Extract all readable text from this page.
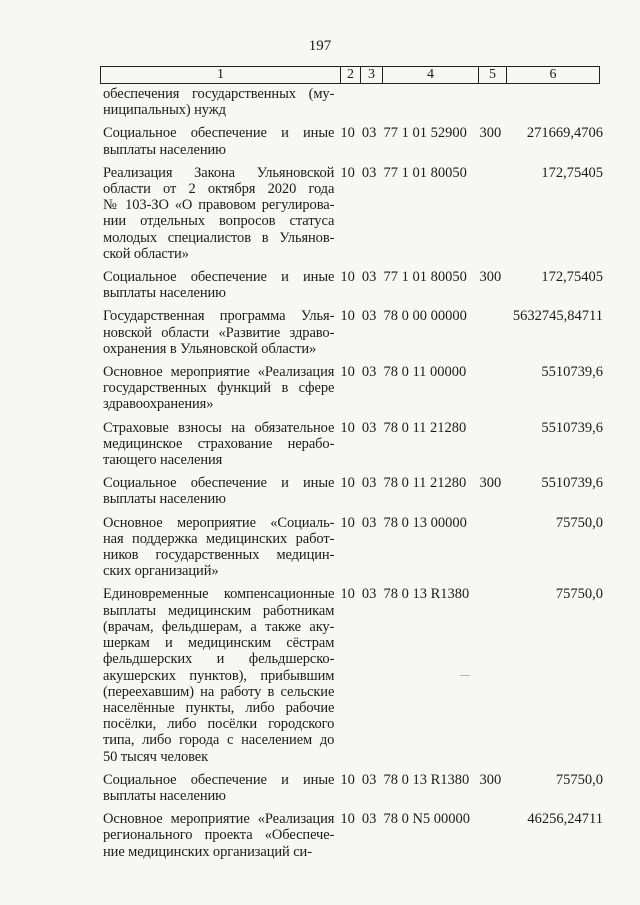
197
1	2	3	4	5	6
обеспечения государственных (му-
ниципальных) нужд
Социальное обеспечение и иные
выплаты населению
10 03 77 1 01 52900 300	271669,4706
Реализация Закона Ульяновской
области от 2 октября 2020 года
№ 103-ЗО «О правовом регулирова-
нии отдельных вопросов статуса
молодых специалистов в Ульянов-
ской области»
10 03 77 1 01 80050	172,75405
Социальное обеспечение и иные
выплаты населению
10 03 77 1 01 80050 300	172,75405
Государственная программа Улья-
новской области «Развитие здраво-
охранения в Ульяновской области»
10 03 78 0 00 00000	5632745,84711
Основное мероприятие «Реализация
государственных функций в сфере
здравоохранения»
10 03 78 0 11 00000	5510739,6
Страховые взносы на обязательное
медицинское страхование нерабо-
тающего населения
10 03 78 0 11 21280	5510739,6
Социальное обеспечение и иные
выплаты населению
10 03 78 0 11 21280 300	5510739,6
Основное мероприятие «Социаль-
ная поддержка медицинских работ-
ников государственных медицин-
ских организаций»
10 03 78 0 13 00000	75750,0
Единовременные компенсационные
выплаты медицинским работникам
(врачам, фельдшерам, а также аку-
шеркам и медицинским сёстрам
фельдшерских и фельдшерско-
акушерских пунктов), прибывшим
(переехавшим) на работу в сельские
населённые пункты, либо рабочие
посёлки, либо посёлки городского
типа, либо города с населением до
50 тысяч человек
10 03 78 0 13 R1380	75750,0
Социальное обеспечение и иные
выплаты населению
10 03 78 0 13 R1380 300	75750,0
Основное мероприятие «Реализация
регионального проекта «Обеспече-
ние медицинских организаций си-
10 03 78 0 N5 00000	46256,24711
—
